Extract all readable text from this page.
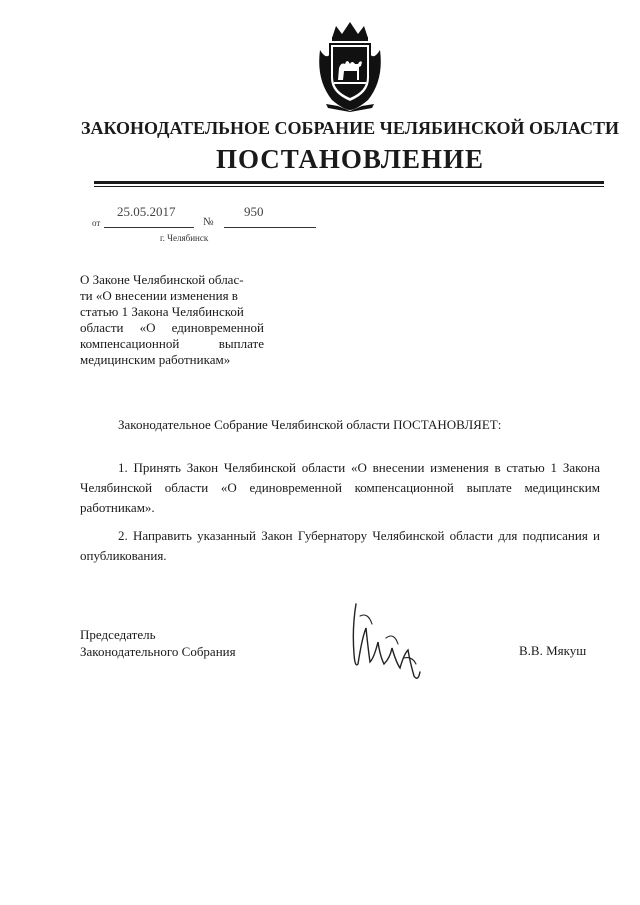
ЗАКОНОДАТЕЛЬНОЕ СОБРАНИЕ ЧЕЛЯБИНСКОЙ ОБЛАСТИ
ПОСТАНОВЛЕНИЕ
25.05.2017	950
от	№
г. Челябинск
О Законе Челябинской облас-
ти «О внесении изменения в
статью 1 Закона Челябинской
области «О единовременной
компенсационной выплате
медицинским работникам»
Законодательное Собрание Челябинской области ПОСТАНОВЛЯЕТ:
1. Принять Закон Челябинской области «О внесении изменения в статью 1 Закона Челябинской области «О единовременной компенсационной выплате медицинским работникам».
2. Направить указанный Закон Губернатору Челябинской области для подписания и опубликования.
Председатель
Законодательного Собрания	В.В. Мякуш
